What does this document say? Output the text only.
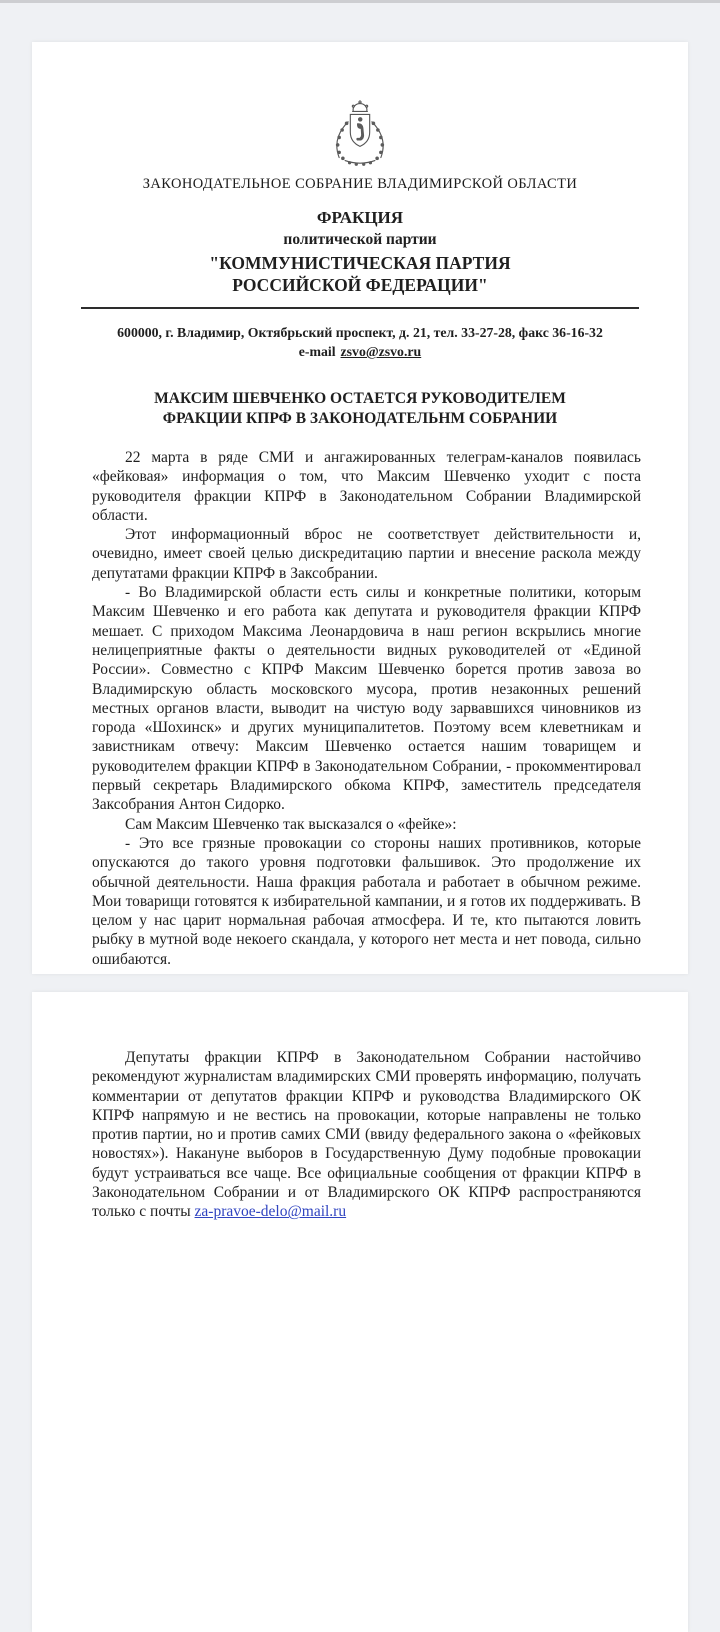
ЗАКОНОДАТЕЛЬНОЕ СОБРАНИЕ ВЛАДИМИРСКОЙ ОБЛАСТИ
ФРАКЦИЯ
политической партии
"КОММУНИСТИЧЕСКАЯ ПАРТИЯ
РОССИЙСКОЙ ФЕДЕРАЦИИ"
600000, г. Владимир, Октябрьский проспект, д. 21, тел. 33-27-28, факс 36-16-32
e-mail zsvo@zsvo.ru
МАКСИМ ШЕВЧЕНКО ОСТАЕТСЯ РУКОВОДИТЕЛЕМ
ФРАКЦИИ КПРФ В ЗАКОНОДАТЕЛЬНМ СОБРАНИИ

22 марта в ряде СМИ и ангажированных телеграм-каналов появилась «фейковая» информация о том, что Максим Шевченко уходит с поста руководителя фракции КПРФ в Законодательном Собрании Владимирской области.

Этот информационный вброс не соответствует действительности и, очевидно, имеет своей целью дискредитацию партии и внесение раскола между депутатами фракции КПРФ в Заксобрании.

- Во Владимирской области есть силы и конкретные политики, которым Максим Шевченко и его работа как депутата и руководителя фракции КПРФ мешает. С приходом Максима Леонардовича в наш регион вскрылись многие нелицеприятные факты о деятельности видных руководителей от «Единой России». Совместно с КПРФ Максим Шевченко борется против завоза во Владимирскую область московского мусора, против незаконных решений местных органов власти, выводит на чистую воду зарвавшихся чиновников из города «Шохинск» и других муниципалитетов. Поэтому всем клеветникам и завистникам отвечу: Максим Шевченко остается нашим товарищем и руководителем фракции КПРФ в Законодательном Собрании, - прокомментировал первый секретарь Владимирского обкома КПРФ, заместитель председателя Заксобрания Антон Сидорко.

Сам Максим Шевченко так высказался о «фейке»:

- Это все грязные провокации со стороны наших противников, которые опускаются до такого уровня подготовки фальшивок. Это продолжение их обычной деятельности. Наша фракция работала и работает в обычном режиме. Мои товарищи готовятся к избирательной кампании, и я готов их поддерживать. В целом у нас царит нормальная рабочая атмосфера. И те, кто пытаются ловить рыбку в мутной воде некоего скандала, у которого нет места и нет повода, сильно ошибаются.

Депутаты фракции КПРФ в Законодательном Собрании настойчиво рекомендуют журналистам владимирских СМИ проверять информацию, получать комментарии от депутатов фракции КПРФ и руководства Владимирского ОК КПРФ напрямую и не вестись на провокации, которые направлены не только против партии, но и против самих СМИ (ввиду федерального закона о «фейковых новостях»). Накануне выборов в Государственную Думу подобные провокации будут устраиваться все чаще. Все официальные сообщения от фракции КПРФ в Законодательном Собрании и от Владимирского ОК КПРФ распространяются только с почты za-pravoe-delo@mail.ru
